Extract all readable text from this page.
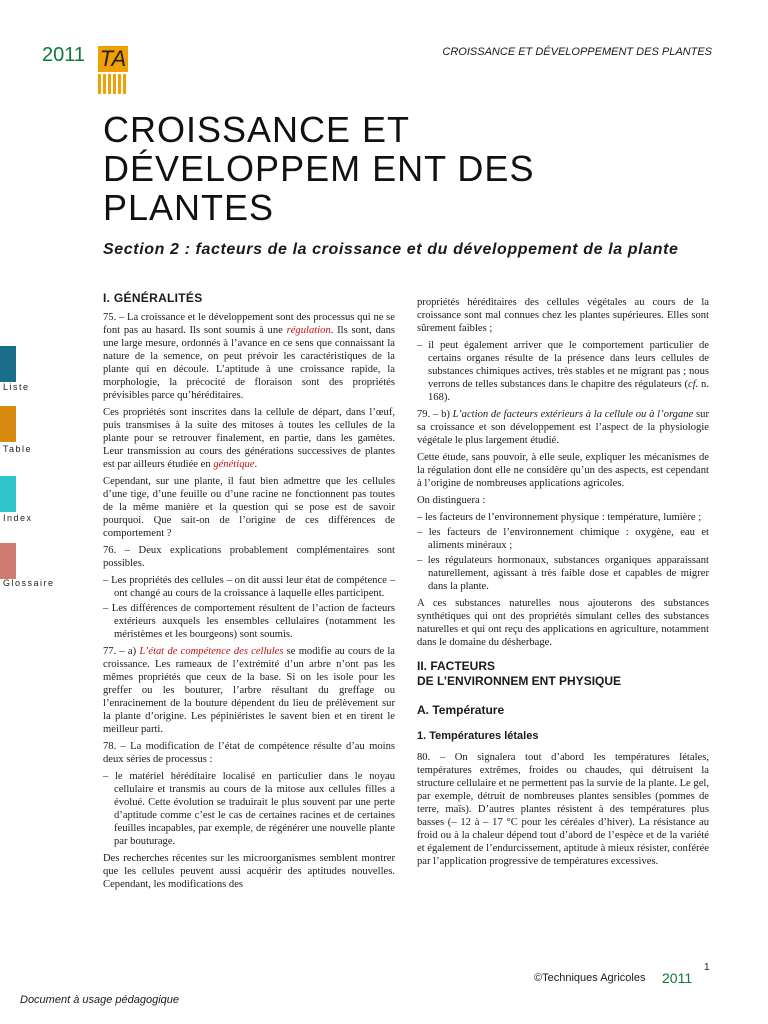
2011 TA	CROISSANCE ET DÉVELOPPEMENT DES PLANTES
CROISSANCE ET
DÉVELOPPEM ENT DES PLANTES
Section 2 : facteurs de la croissance et du développement de la plante
Liste
Table
Index
Glossaire
I. GÉNÉRALITÉS

75. – La croissance et le développement sont des processus qui ne se font pas au hasard. Ils sont soumis à une régulation. Ils sont, dans une large mesure, ordonnés à l’avance en ce sens que connaissant la nature de la semence, on peut prévoir les caractéristiques de la plante qui en découle. L’aptitude à une croissance rapide, la morphologie, la précocité de floraison sont des propriétés prévisibles parce qu’héréditaires.

Ces propriétés sont inscrites dans la cellule de départ, dans l’œuf, puis transmises à la suite des mitoses à toutes les cellules de la plante pour se retrouver finalement, en partie, dans les gamètes. Leur transmission au cours des générations successives de plantes est par ailleurs étudiée en génétique.

Cependant, sur une plante, il faut bien admettre que les cellules d’une tige, d’une feuille ou d’une racine ne fonctionnent pas toutes de la même manière et la question qui se pose est de savoir pourquoi. Que sait-on de l’origine de ces différences de comportement ?

76. – Deux explications probablement complémentaires sont possibles.

– Les propriétés des cellules – on dit aussi leur état de compétence – ont changé au cours de la croissance à laquelle elles participent.

– Les différences de comportement résultent de l’action de facteurs extérieurs auxquels les ensembles cellulaires (notamment les méristèmes et les bourgeons) sont soumis.

77. – a) L’état de compétence des cellules se modifie au cours de la croissance. Les rameaux de l’extrémité d’un arbre n’ont pas les mêmes propriétés que ceux de la base. Si on les isole pour les greffer ou les bouturer, l’arbre résultant du greffage ou l’enracinement de la bouture dépendent du lieu de prélèvement sur la plante d’origine. Les pépiniéristes le savent bien et en tirent le meilleur parti.

78. – La modification de l’état de compétence résulte d’au moins deux séries de processus :

– le matériel héréditaire localisé en particulier dans le noyau cellulaire et transmis au cours de la mitose aux cellules filles a évolué. Cette évolution se traduirait le plus souvent par une perte d’aptitude comme c’est le cas de certaines racines et de certaines feuilles incapables, par exemple, de régénérer une nouvelle plante par bouturage.

Des recherches récentes sur les microorganismes semblent montrer que les cellules peuvent aussi acquérir des aptitudes nouvelles. Cependant, les modifications des

propriétés héréditaires des cellules végétales au cours de la croissance sont mal connues chez les plantes supérieures. Elles sont sûrement faibles ;

– il peut également arriver que le comportement particulier de certains organes résulte de la présence dans leurs cellules de substances chimiques actives, très stables et ne migrant pas ; nous verrons de telles substances dans le chapitre des régulateurs (cf. n. 168).

79. – b) L’action de facteurs extérieurs à la cellule ou à l’organe sur sa croissance et son développement est l’aspect de la physiologie végétale le plus largement étudié.

Cette étude, sans pouvoir, à elle seule, expliquer les mécanismes de la régulation dont elle ne considère qu’un des aspects, est cependant à l’origine de nombreuses applications agricoles.

On distinguera :

– les facteurs de l’environnement physique : température, lumière ;

– les facteurs de l’environnement chimique : oxygène, eau et aliments minéraux ;

– les régulateurs hormonaux, substances organiques apparaissant naturellement, agissant à très faible dose et capables de migrer dans la plante.

A ces substances naturelles nous ajouterons des substances synthétiques qui ont des propriétés simulant celles des substances naturelles et qui ont reçu des applications en agriculture, notamment dans le domaine du désherbage.

II. FACTEURS
DE L’ENVIRONNEM ENT PHYSIQUE
A. Température
1. Températures létales

80. – On signalera tout d’abord les températures létales, températures extrêmes, froides ou chaudes, qui détruisent la structure cellulaire et ne permettent pas la survie de la plante. Le gel, par exemple, détruit de nombreuses plantes sensibles (pommes de terre, maïs). D’autres plantes résistent à des températures plus basses (– 12 à – 17 °C pour les céréales d’hiver). La résistance au froid ou à la chaleur dépend tout d’abord de l’espèce et de la variété et également de l’endurcissement, aptitude à mieux résister, conférée par l’application progressive de températures excessives.

1
©Techniques Agricoles 2011
Document à usage pédagogique
